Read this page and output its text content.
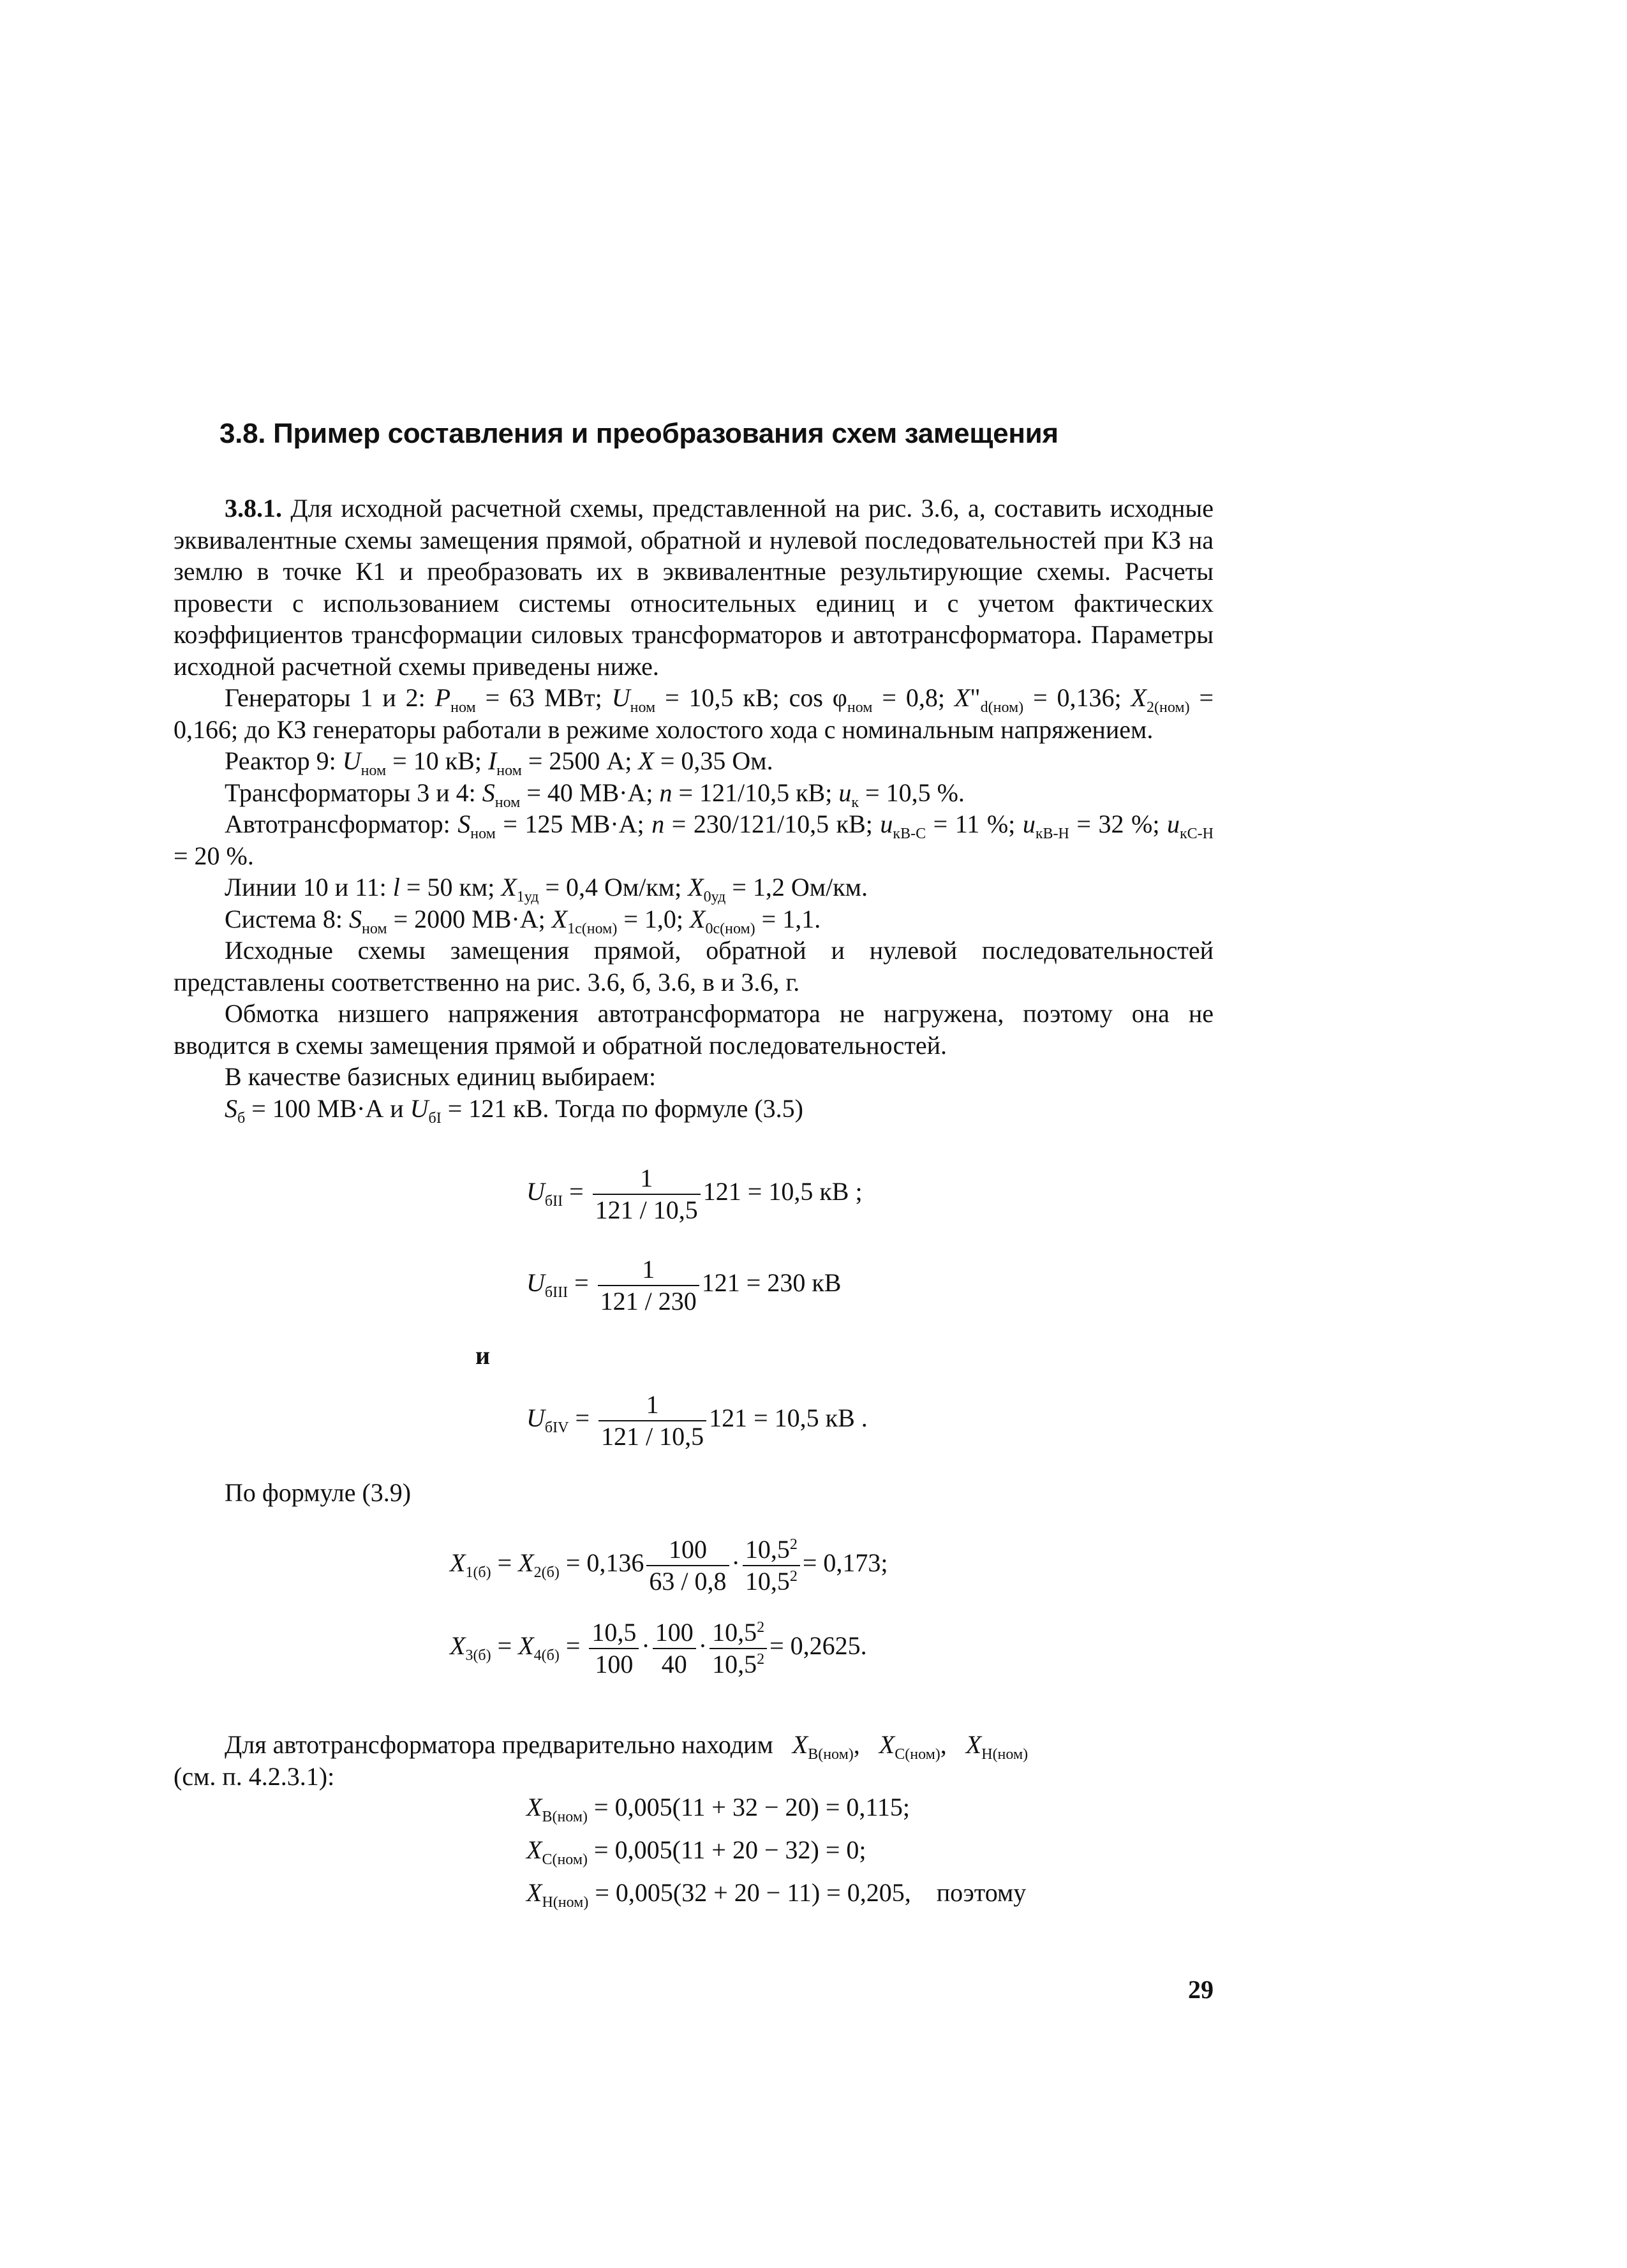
3.8. Пример составления и преобразования схем замещения

3.8.1. Для исходной расчетной схемы, представленной на рис. 3.6, а, составить исходные эквивалентные схемы замещения прямой, обратной и нулевой последовательностей при КЗ на землю в точке К1 и преобразовать их в эквивалентные результирующие схемы. Расчеты провести с использованием системы относительных единиц и с учетом фактических коэффициентов трансформации силовых трансформаторов и автотрансформатора. Параметры исходной расчетной схемы приведены ниже.

Генераторы 1 и 2: $P_{ном} = 63$ МВт; $U_{ном} = 10,5$ кВ; $\cos \varphi_{ном} = 0,8$; $X"_{d(ном)} = 0,136$; $X_{2(ном)} = 0,166$; до КЗ генераторы работали в режиме холостого хода с номинальным напряжением.

Реактор 9: $U_{ном} = 10$ кВ; $I_{ном} = 2500$ А; X = 0,35 Ом.

Трансформаторы 3 и 4: $S_{ном} = 40$ МВ·А; n = 121/10,5 кВ; $u_к = 10,5$ %.

Автотрансформатор: $S_{ном} = 125$ МВ·А; n = 230/121/10,5 кВ; $u_{кВ-С} = 11$ %; $u_{кВ-Н} = 32$ %; $u_{кС-Н} = 20$ %.

Линии 10 и 11: l = 50 км; $X_{1уд} = 0,4$ Ом/км; $X_{0уд} = 1,2$ Ом/км.

Система 8: $S_{ном} = 2000$ МВ·А; $X_{1с(ном)} = 1,0$; $X_{0с(ном)} = 1,1$.

Исходные схемы замещения прямой, обратной и нулевой последовательностей представлены соответственно на рис. 3.6, б, 3.6, в и 3.6, г.

Обмотка низшего напряжения автотрансформатора не нагружена, поэтому она не вводится в схемы замещения прямой и обратной последовательностей.

В качестве базисных единиц выбираем:

$S_б = 100$ МВ·А и $U_{бI} = 121$ кВ. Тогда по формуле (3.5)

$U_{бII} = \frac{1}{121 / 10,5} 121 = 10,5$ кВ ;
$U_{бIII} = \frac{1}{121 / 230} 121 = 230$ кВ
и
$U_{бIV} = \frac{1}{121 / 10,5} 121 = 10,5$ кВ .
По формуле (3.9)
$X_{1(б)} = X_{2(б)} = 0,136 \frac{100}{63 / 0,8} \cdot \frac{10,5^2}{10,5^2} = 0,173$;
$X_{3(б)} = X_{4(б)} = \frac{10,5}{100} \cdot \frac{100}{40} \cdot \frac{10,5^2}{10,5^2} = 0,2625$.
Для автотрансформатора предварительно находим $X_{В(ном)}$,   $X_{С(ном)}$,   $X_{Н(ном)}$
(см. п. 4.2.3.1):
$X_{В(ном)} = 0,005(11 + 32 - 20) = 0,115$;
$X_{С(ном)} = 0,005(11 + 20 - 32) = 0$;
$X_{Н(ном)} = 0,005(32 + 20 - 11) = 0,205$,    поэтому
29
